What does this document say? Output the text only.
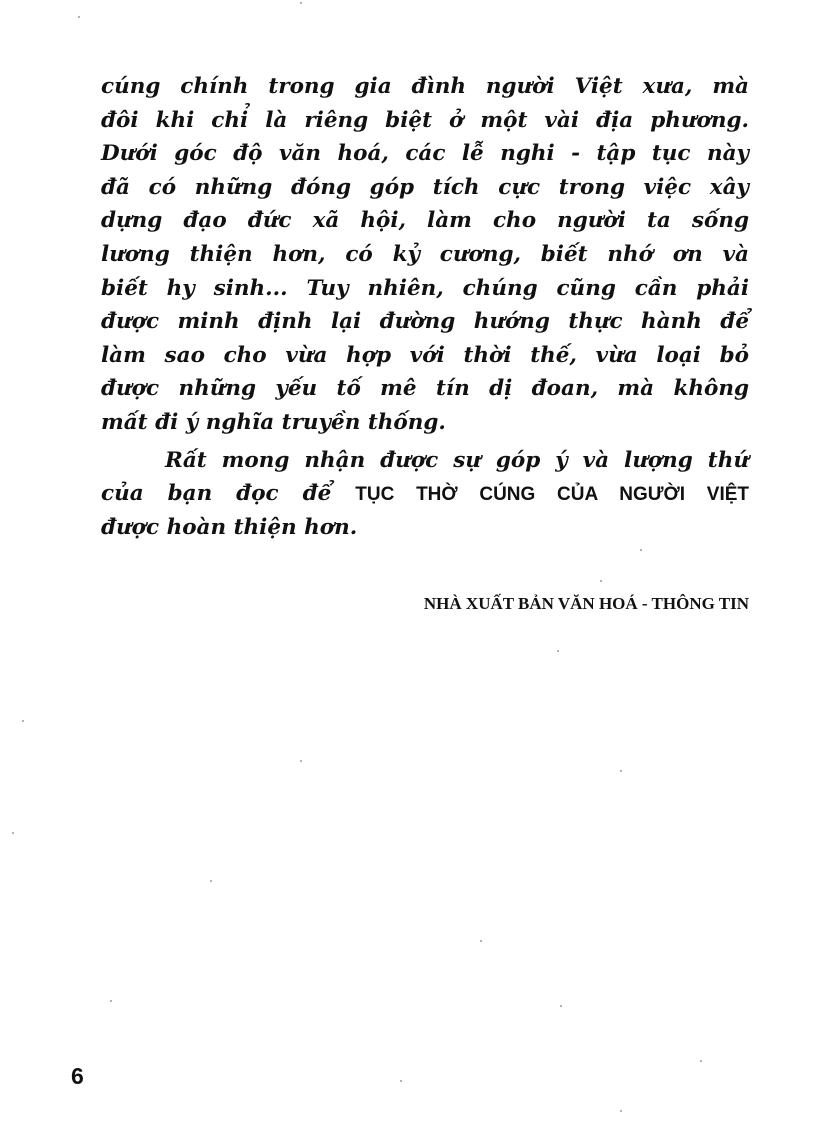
cúng chính trong gia đình người Việt xưa, mà
đôi khi chỉ là riêng biệt ở một vài địa phương.
Dưới góc độ văn hoá, các lễ nghi - tập tục này
đã có những đóng góp tích cực trong việc xây
dựng đạo đức xã hội, làm cho người ta sống
lương thiện hơn, có kỷ cương, biết nhớ ơn và
biết hy sinh... Tuy nhiên, chúng cũng cần phải
được minh định lại đường hướng thực hành để
làm sao cho vừa hợp với thời thế, vừa loại bỏ
được những yếu tố mê tín dị đoan, mà không
mất đi ý nghĩa truyền thống.
Rất mong nhận được sự góp ý và lượng thứ
của bạn đọc để TỤC THỜ CÚNG CỦA NGƯỜI VIỆT
được hoàn thiện hơn.
NHÀ XUẤT BẢN VĂN HOÁ - THÔNG TIN
6
